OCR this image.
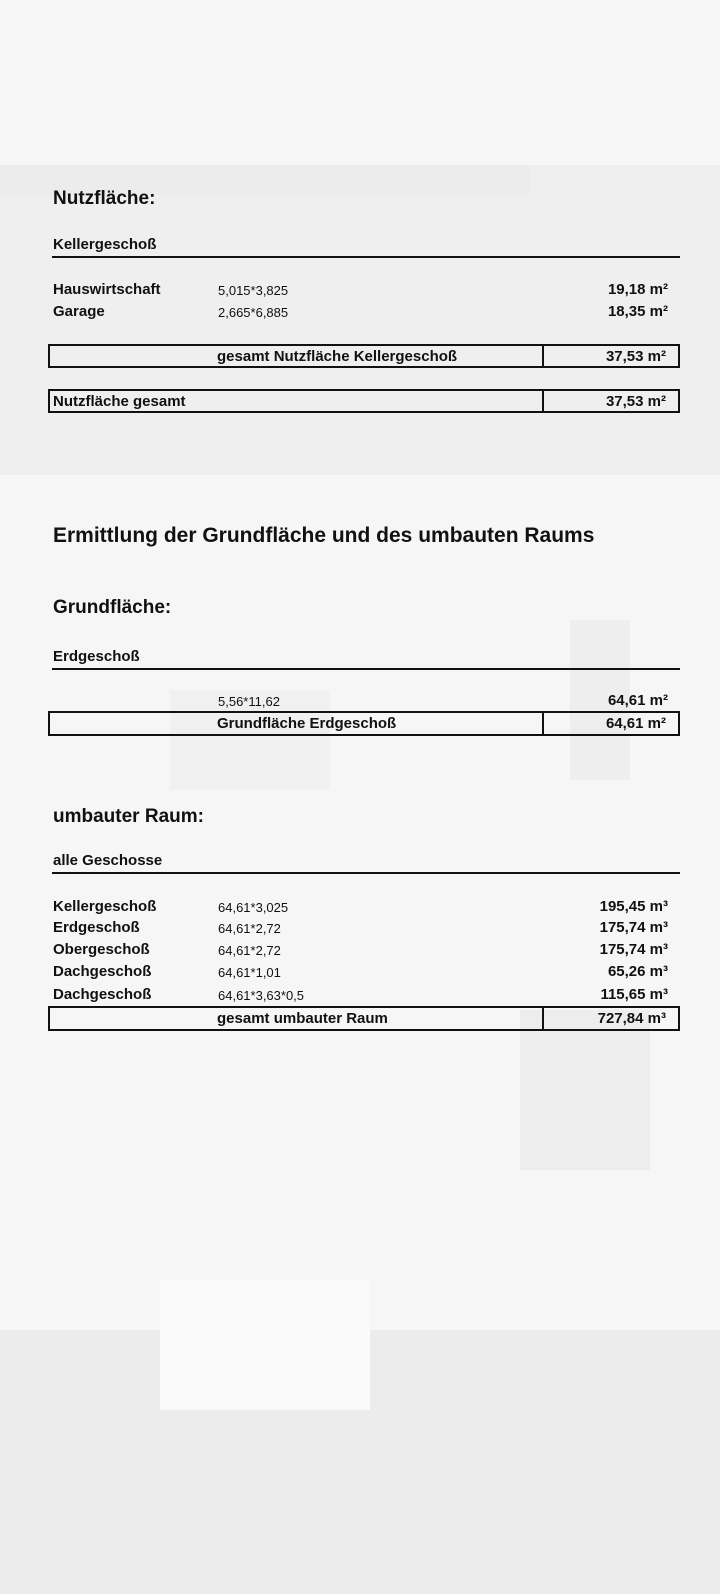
Nutzfläche:
Kellergeschoß
Hauswirtschaft	5,015*3,825	19,18 m²
Garage	2,665*6,885	18,35 m²
gesamt Nutzfläche Kellergeschoß	37,53 m²
Nutzfläche gesamt	37,53 m²
Ermittlung der Grundfläche und des umbauten Raums
Grundfläche:
Erdgeschoß
5,56*11,62	64,61 m²
Grundfläche Erdgeschoß	64,61 m²
umbauter Raum:
alle Geschosse
Kellergeschoß	64,61*3,025	195,45 m³
Erdgeschoß	64,61*2,72	175,74 m³
Obergeschoß	64,61*2,72	175,74 m³
Dachgeschoß	64,61*1,01	65,26 m³
Dachgeschoß	64,61*3,63*0,5	115,65 m³
gesamt umbauter Raum	727,84 m³
